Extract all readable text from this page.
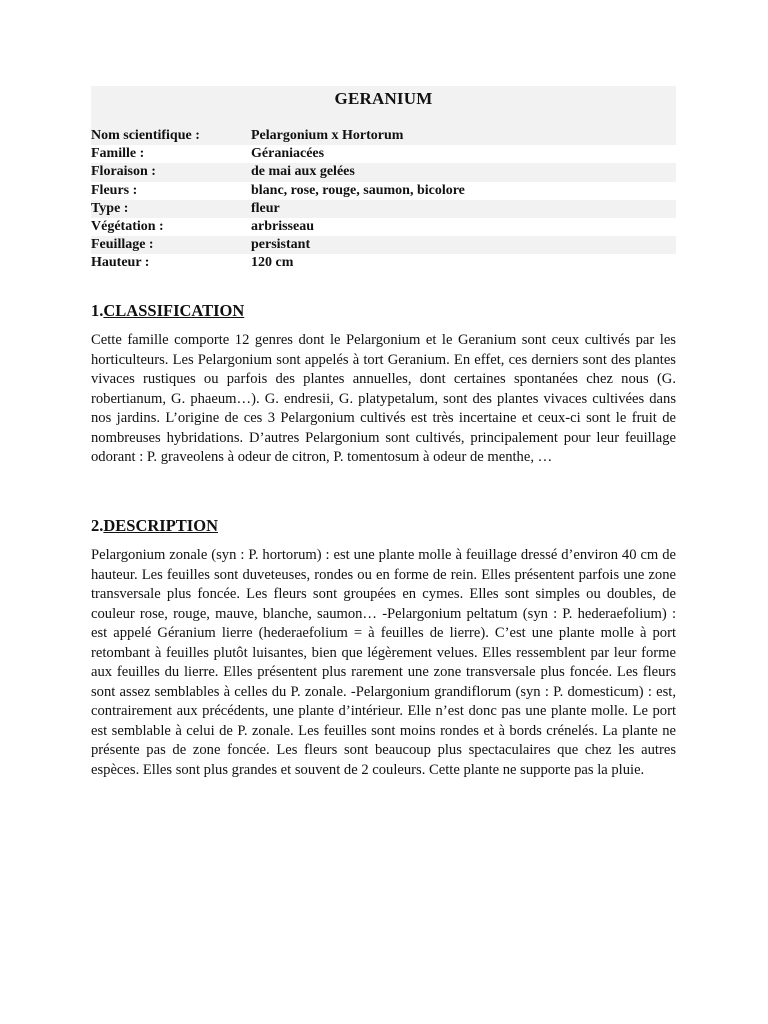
GERANIUM
Nom scientifique :	Pelargonium x Hortorum
Famille :	Géraniacées
Floraison :	de mai aux gelées
Fleurs :	blanc, rose, rouge, saumon, bicolore
Type :	fleur
Végétation :	arbrisseau
Feuillage :	persistant
Hauteur :	120 cm
1.CLASSIFICATION

Cette famille comporte 12 genres dont le Pelargonium et le Geranium sont ceux cultivés par les horticulteurs. Les Pelargonium sont appelés à tort Geranium. En effet, ces derniers sont des plantes vivaces rustiques ou parfois des plantes annuelles, dont certaines spontanées chez nous (G. robertianum, G. phaeum…). G. endresii, G. platypetalum, sont des plantes vivaces cultivées dans nos jardins. L’origine de ces 3 Pelargonium cultivés est très incertaine et ceux-ci sont le fruit de nombreuses hybridations. D’autres Pelargonium sont cultivés, principalement pour leur feuillage odorant : P. graveolens à odeur de citron, P. tomentosum à odeur de menthe, …

2.DESCRIPTION

Pelargonium zonale (syn : P. hortorum) : est une plante molle à feuillage dressé d’environ 40 cm de hauteur. Les feuilles sont duveteuses, rondes ou en forme de rein. Elles présentent parfois une zone transversale plus foncée. Les fleurs sont groupées en cymes. Elles sont simples ou doubles, de couleur rose, rouge, mauve, blanche, saumon… -Pelargonium peltatum (syn : P. hederaefolium) : est appelé Géranium lierre (hederaefolium = à feuilles de lierre). C’est une plante molle à port retombant à feuilles plutôt luisantes, bien que légèrement velues. Elles ressemblent par leur forme aux feuilles du lierre. Elles présentent plus rarement une zone transversale plus foncée. Les fleurs sont assez semblables à celles du P. zonale. -Pelargonium grandiflorum (syn : P. domesticum) : est, contrairement aux précédents, une plante d’intérieur. Elle n’est donc pas une plante molle. Le port est semblable à celui de P. zonale. Les feuilles sont moins rondes et à bords crénelés. La plante ne présente pas de zone foncée. Les fleurs sont beaucoup plus spectaculaires que chez les autres espèces. Elles sont plus grandes et souvent de 2 couleurs. Cette plante ne supporte pas la pluie.
